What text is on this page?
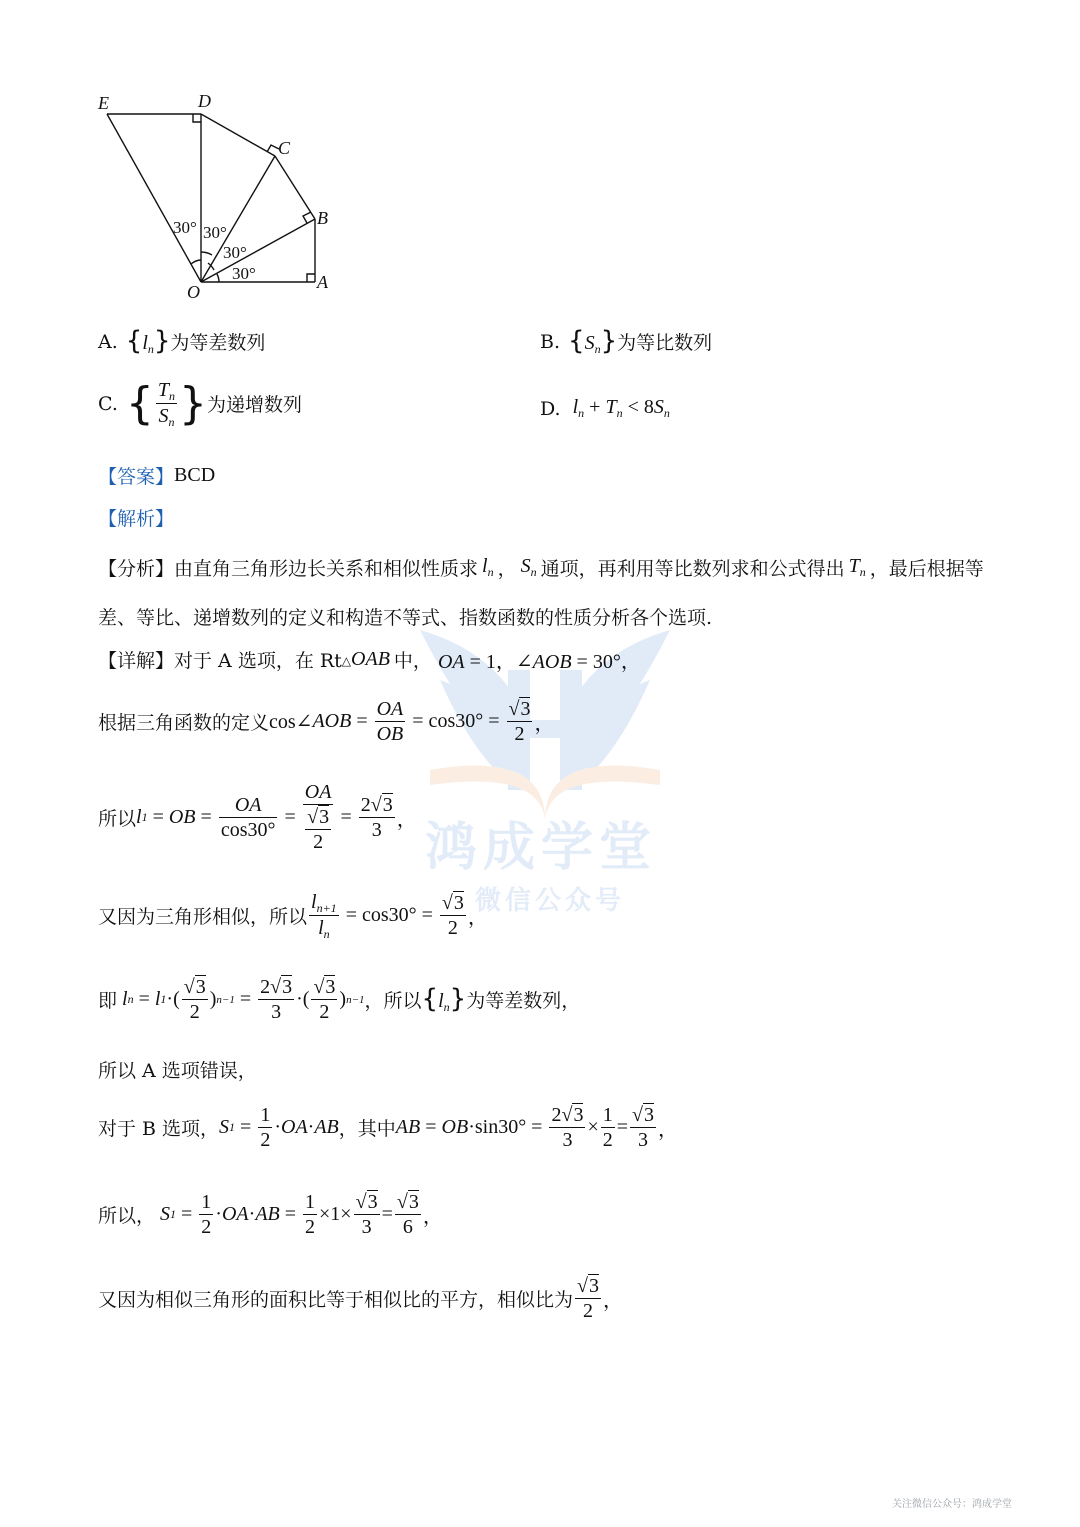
鸿成学堂
微信公众号
E	D
C
B
A
O
30° 30°
30°
30°
A. $\{l_n\}$ 为等差数列	B. $\{S_n\}$ 为等比数列
C. { $\frac{T_n}{S_n}$ } 为递增数列	D. $l_n + T_n < 8S_n$
【答案】 BCD
【解析】
【分析】 由直角三角形边长关系和相似性质求 $l_n$ ， $S_n$ 通项，再利用等比数列求和公式得出 $T_n$ ，最后根据等
差、等比、递增数列的定义和构造不等式、指数函数的性质分析各个选项.
【详解】 对于 A 选项，在 Rt △OAB 中， OA = 1，∠AOB = 30°，
根据三角函数的定义 cos∠ AOB = $\frac{OA}{OB} = \cos 30^\circ = \frac{√3}{2}$ ，
所以 l 1 = OB = $\frac{OA}{\cos 30^\circ} = \frac{OA}{\frac{√3}{2}} = \frac{2√3}{3}$ ，
又因为三角形相似，所以 $\frac{l_{n+1}}{l_n} = \cos 30^\circ = \frac{√3}{2}$ ，
即 l n = l 1 ·( $\frac{√3}{2}$ ) $n-1 = \frac{2√3}{3}$ ·( $\frac{√3}{2}$ ) n−1 ，所以 $\{l_n\}$ 为等差数列，
所以 A 选项错误，
对于 B 选项， S $1 = \frac{1}{2}$ · OA · AB ，其中 AB = OB $\cdot\sin 30^\circ = \frac{2√3}{3} \times \frac{1}{2} = \frac{√3}{3}$ ，
所以， S $1 = \frac{1}{2}$ · OA · AB = $\frac{1}{2} \times 1\times \frac{√3}{3} = \frac{√3}{6}$ ，
又因为相似三角形的面积比等于相似比的平方，相似比为 $\frac{√3}{2}$ ，
关注微信公众号：鸿成学堂
